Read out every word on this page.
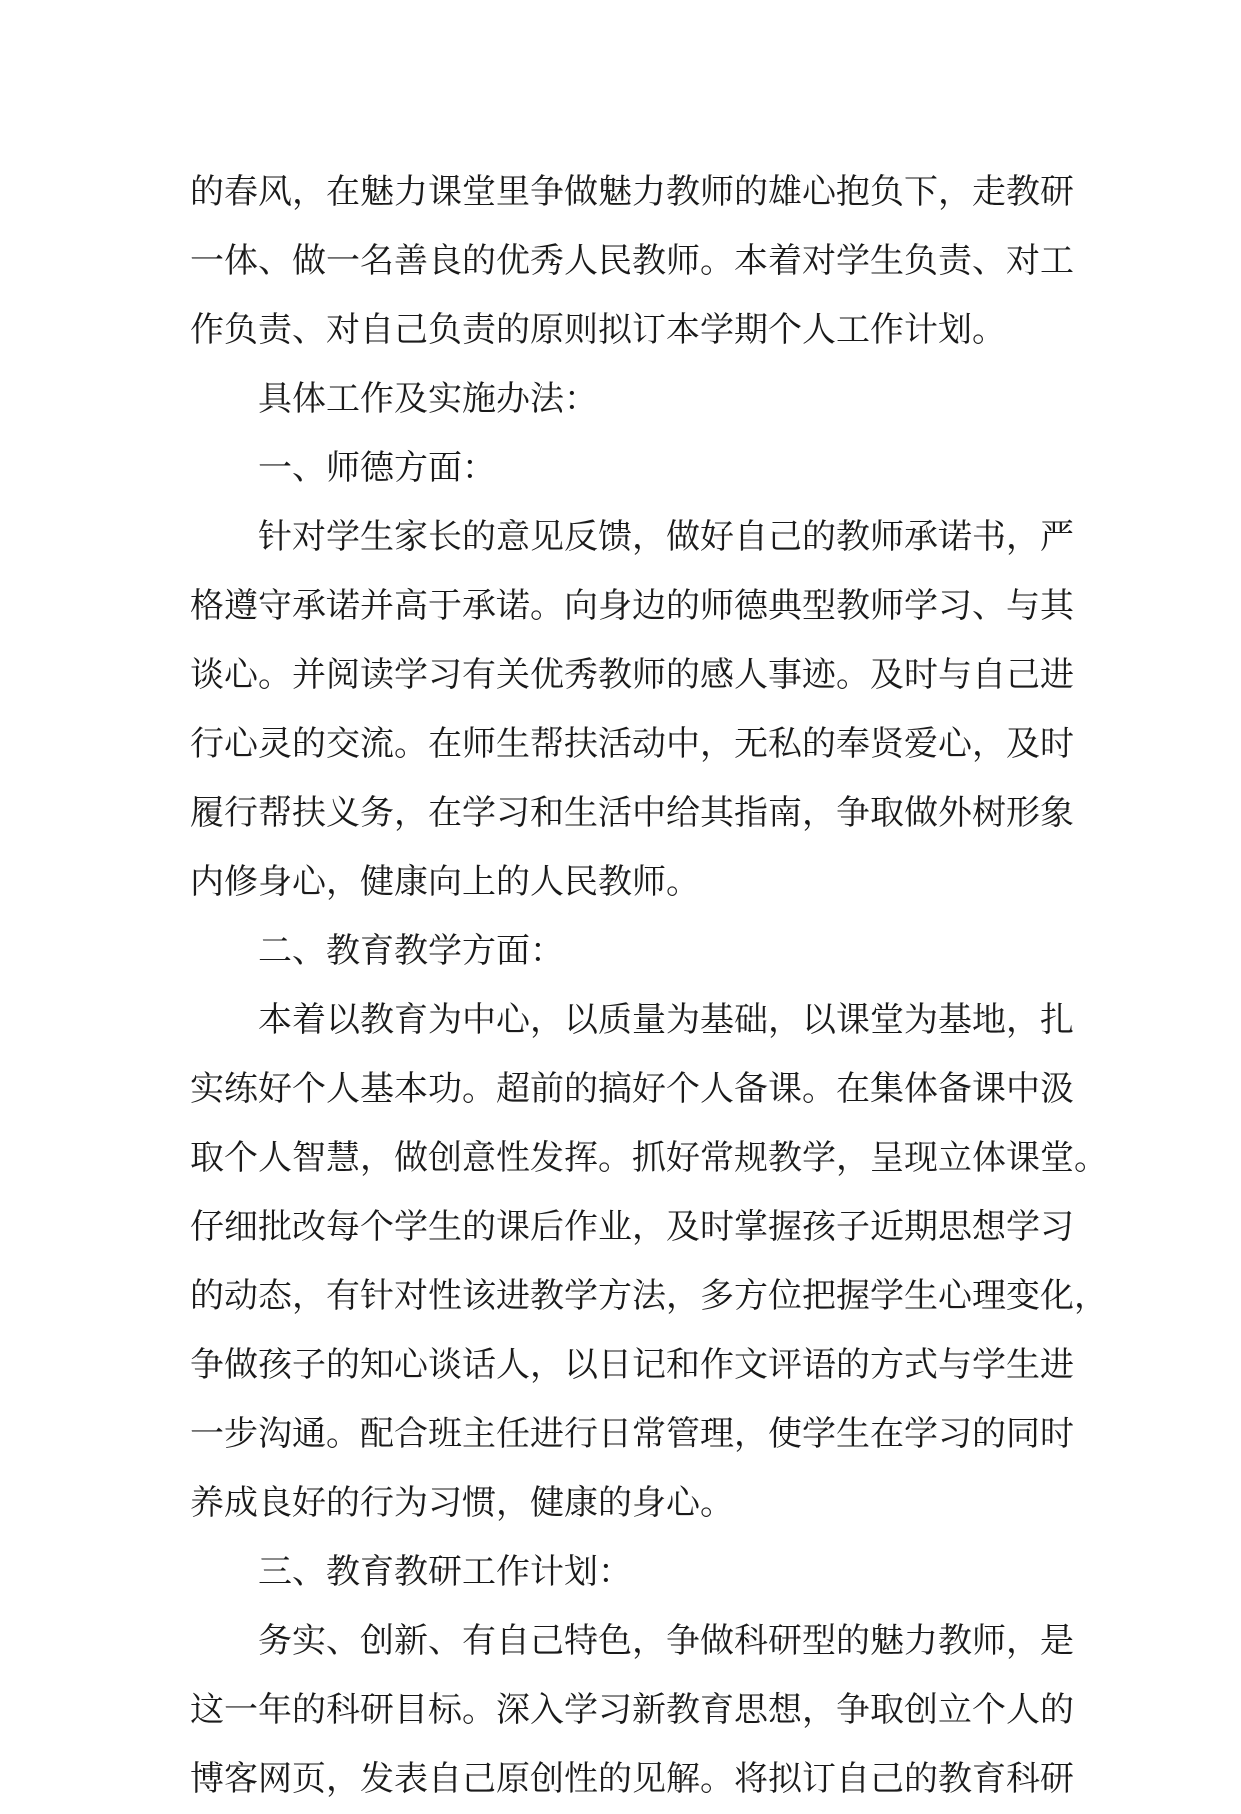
的春风，在魅力课堂里争做魅力教师的雄心抱负下，走教研
一体、做一名善良的优秀人民教师。本着对学生负责、对工
作负责、对自己负责的原则拟订本学期个人工作计划。
具体工作及实施办法：
一、师德方面：
针对学生家长的意见反馈，做好自己的教师承诺书，严
格遵守承诺并高于承诺。向身边的师德典型教师学习、与其
谈心。并阅读学习有关优秀教师的感人事迹。及时与自己进
行心灵的交流。在师生帮扶活动中，无私的奉贤爱心，及时
履行帮扶义务，在学习和生活中给其指南，争取做外树形象
内修身心，健康向上的人民教师。
二、教育教学方面：
本着以教育为中心，以质量为基础，以课堂为基地，扎
实练好个人基本功。超前的搞好个人备课。在集体备课中汲
取个人智慧，做创意性发挥。抓好常规教学，呈现立体课堂。
仔细批改每个学生的课后作业，及时掌握孩子近期思想学习
的动态，有针对性该进教学方法，多方位把握学生心理变化，
争做孩子的知心谈话人，以日记和作文评语的方式与学生进
一步沟通。配合班主任进行日常管理，使学生在学习的同时
养成良好的行为习惯，健康的身心。
三、教育教研工作计划：
务实、创新、有自己特色，争做科研型的魅力教师，是
这一年的科研目标。深入学习新教育思想，争取创立个人的
博客网页，发表自己原创性的见解。将拟订自己的教育科研
